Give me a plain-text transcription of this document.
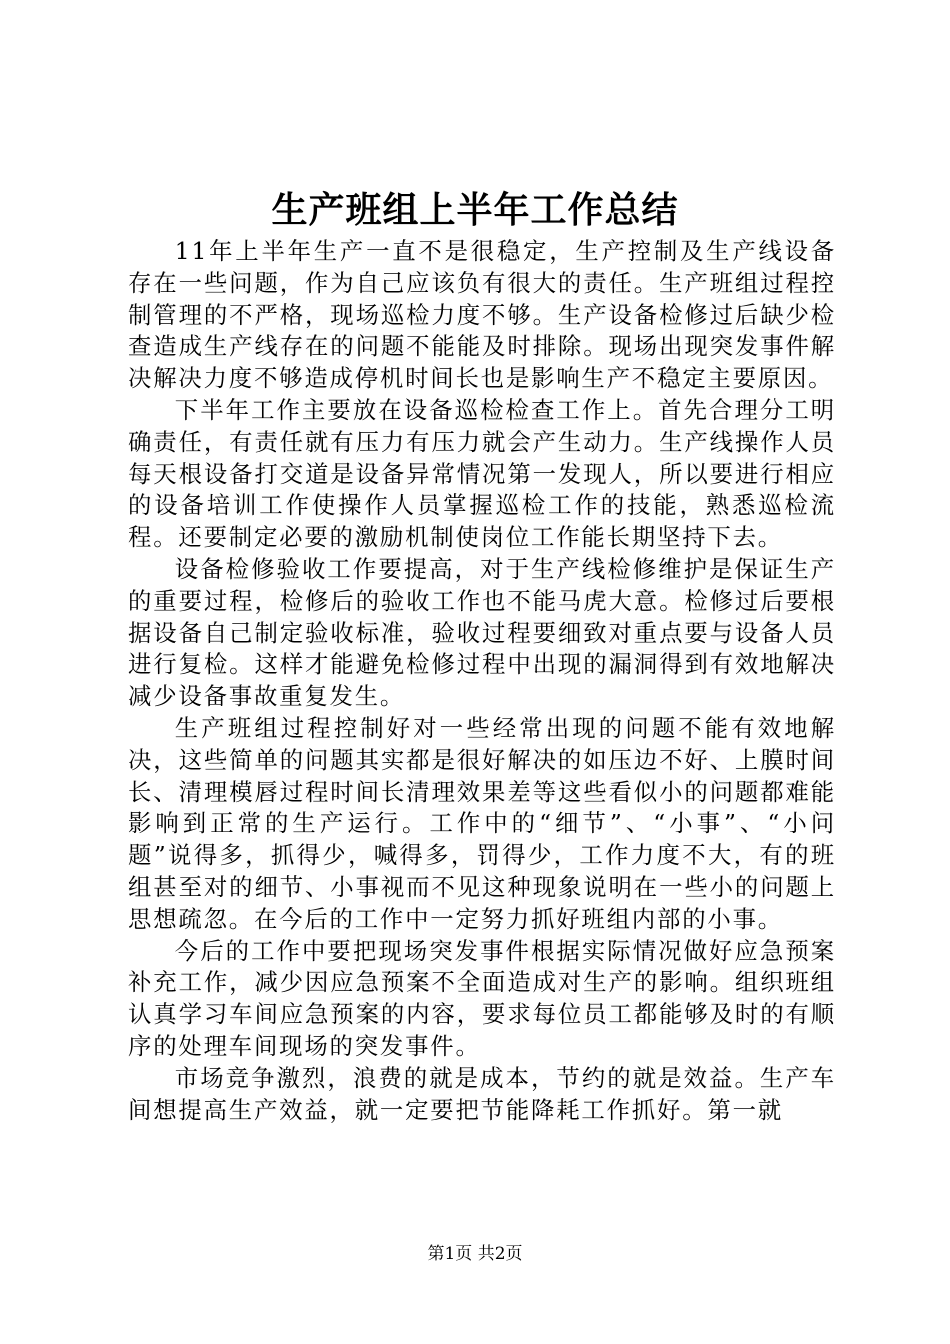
生产班组上半年工作总结

11年上半年生产一直不是很稳定，生产控制及生产线设备存在一些问题，作为自己应该负有很大的责任。生产班组过程控制管理的不严格，现场巡检力度不够。生产设备检修过后缺少检查造成生产线存在的问题不能能及时排除。现场出现突发事件解决解决力度不够造成停机时间长也是影响生产不稳定主要原因。

下半年工作主要放在设备巡检检查工作上。首先合理分工明确责任，有责任就有压力有压力就会产生动力。生产线操作人员每天根设备打交道是设备异常情况第一发现人，所以要进行相应的设备培训工作使操作人员掌握巡检工作的技能，熟悉巡检流程。还要制定必要的激励机制使岗位工作能长期坚持下去。

设备检修验收工作要提高，对于生产线检修维护是保证生产的重要过程，检修后的验收工作也不能马虎大意。检修过后要根据设备自己制定验收标准，验收过程要细致对重点要与设备人员进行复检。这样才能避免检修过程中出现的漏洞得到有效地解决减少设备事故重复发生。

生产班组过程控制好对一些经常出现的问题不能有效地解决，这些简单的问题其实都是很好解决的如压边不好、上膜时间长、清理模唇过程时间长清理效果差等这些看似小的问题都难能影响到正常的生产运行。工作中的“细节”、“小事”、“小问题”说得多，抓得少，喊得多，罚得少，工作力度不大，有的班组甚至对的细节、小事视而不见这种现象说明在一些小的问题上思想疏忽。在今后的工作中一定努力抓好班组内部的小事。

今后的工作中要把现场突发事件根据实际情况做好应急预案补充工作，减少因应急预案不全面造成对生产的影响。组织班组认真学习车间应急预案的内容，要求每位员工都能够及时的有顺序的处理车间现场的突发事件。

市场竞争激烈，浪费的就是成本，节约的就是效益。生产车间想提高生产效益，就一定要把节能降耗工作抓好。第一就

第1页 共2页
